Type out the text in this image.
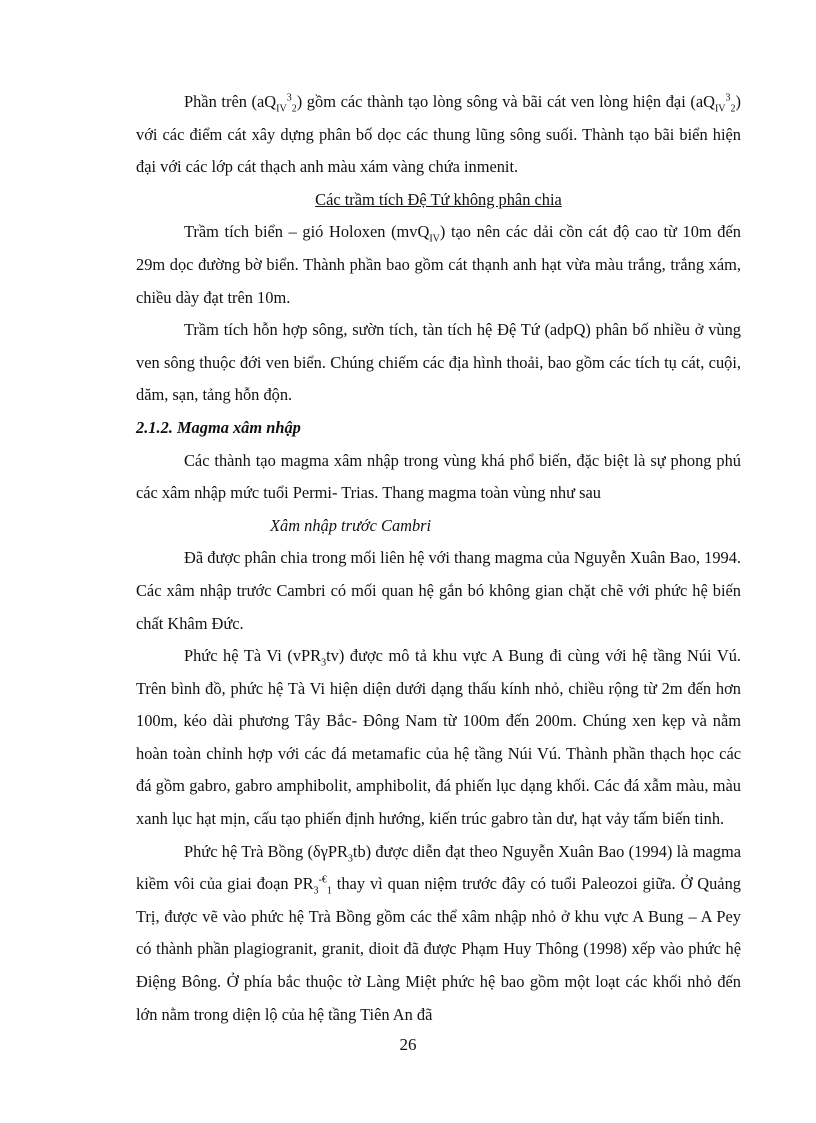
Phần trên $(aQ_{IV}^3_2)$ gồm các thành tạo lòng sông và bãi cát ven lòng hiện đại $(aQ_{IV}^3_2)$ với các điểm cát xây dựng phân bố dọc các thung lũng sông suối. Thành tạo bãi biển hiện đại với các lớp cát thạch anh màu xám vàng chứa inmenit.

Các trầm tích Đệ Tứ không phân chia

Trầm tích biển – gió Holoxen (mvQ$_{IV}$) tạo nên các dải cồn cát độ cao từ 10m đến 29m dọc đường bờ biển. Thành phần bao gồm cát thạnh anh hạt vừa màu trắng, trắng xám, chiều dày đạt trên 10m.

Trầm tích hỗn hợp sông, sườn tích, tàn tích hệ Đệ Tứ (adpQ) phân bố nhiều ở vùng ven sông thuộc đới ven biển. Chúng chiếm các địa hình thoải, bao gồm các tích tụ cát, cuội, dăm, sạn, tảng hỗn độn.

2.1.2. Magma xâm nhập

Các thành tạo magma xâm nhập trong vùng khá phổ biến, đặc biệt là sự phong phú các xâm nhập mức tuổi Permi- Trias. Thang magma toàn vùng như sau

Xâm nhập trước Cambri

Đã được phân chia trong mối liên hệ với thang magma của Nguyễn Xuân Bao, 1994. Các xâm nhập trước Cambri có mối quan hệ gắn bó không gian chặt chẽ với phức hệ biến chất Khâm Đức.

Phức hệ Tà Vi (vPR$_3$tv) được mô tả khu vực A Bung đi cùng với hệ tầng Núi Vú. Trên bình đồ, phức hệ Tà Vi hiện diện dưới dạng thấu kính nhỏ, chiều rộng từ 2m đến hơn 100m, kéo dài phương Tây Bắc- Đông Nam từ 100m đến 200m. Chúng xen kẹp và nằm hoàn toàn chỉnh hợp với các đá metamafic của hệ tầng Núi Vú. Thành phần thạch học các đá gồm gabro, gabro amphibolit, amphibolit, đá phiến lục dạng khối. Các đá xẫm màu, màu xanh lục hạt mịn, cấu tạo phiến định hướng, kiến trúc gabro tàn dư, hạt vảy tấm biến tinh.

Phức hệ Trà Bồng (δγPR$_3$tb) được diễn đạt theo Nguyễn Xuân Bao (1994) là magma kiềm vôi của giai đoạn $PR_3^{-€}_1$ thay vì quan niệm trước đây có tuổi Paleozoi giữa. Ở Quảng Trị, được vẽ vào phức hệ Trà Bồng gồm các thể xâm nhập nhỏ ở khu vực A Bung – A Pey có thành phần plagiogranit, granit, dioit đã được Phạm Huy Thông (1998) xếp vào phức hệ Điệng Bông. Ở phía bắc thuộc tờ Làng Miệt phức hệ bao gồm một loạt các khối nhỏ đến lớn nằm trong diện lộ của hệ tầng Tiên An đã

26
